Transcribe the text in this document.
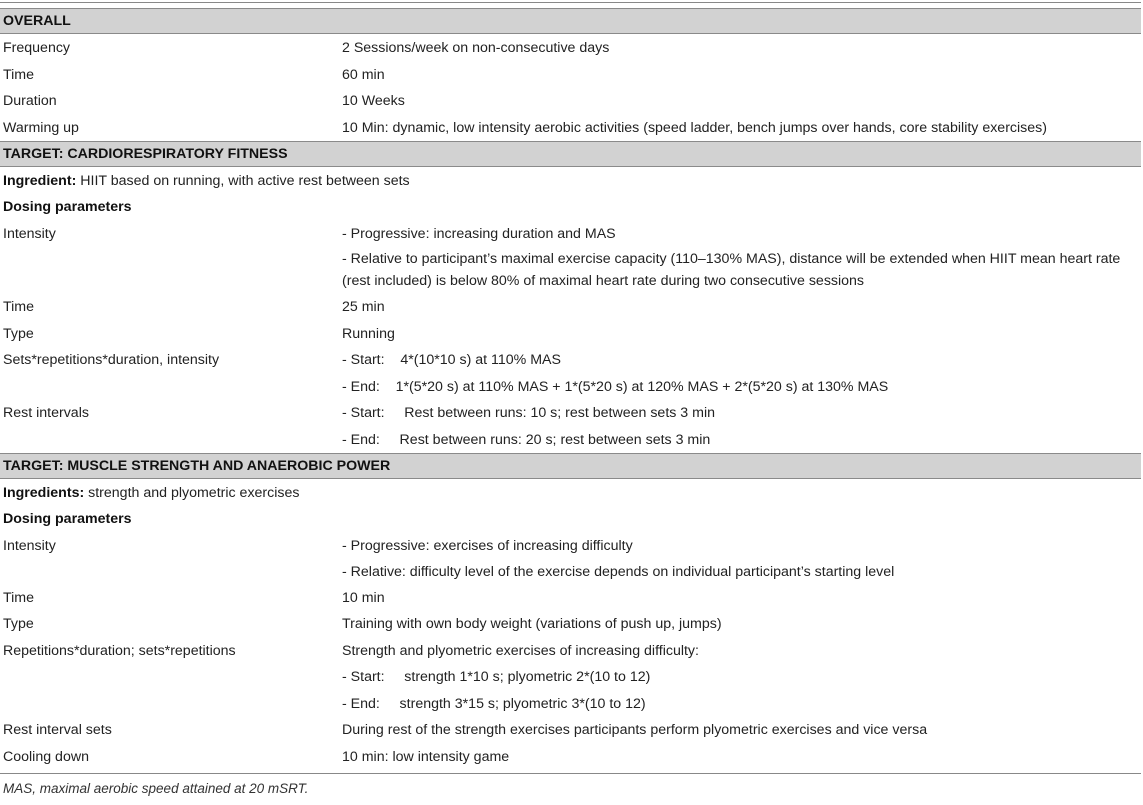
OVERALL
Frequency	2 Sessions/week on non-consecutive days
Time	60 min
Duration	10 Weeks
Warming up	10 Min: dynamic, low intensity aerobic activities (speed ladder, bench jumps over hands, core stability exercises)
TARGET: CARDIORESPIRATORY FITNESS
Ingredient: HIIT based on running, with active rest between sets
Dosing parameters
Intensity	- Progressive: increasing duration and MAS
- Relative to participant’s maximal exercise capacity (110–130% MAS), distance will be extended when HIIT mean heart rate (rest included) is below 80% of maximal heart rate during two consecutive sessions
Time	25 min
Type	Running
Sets*repetitions*duration, intensity	- Start:    4*(10*10 s) at 110% MAS
- End:    1*(5*20 s) at 110% MAS + 1*(5*20 s) at 120% MAS + 2*(5*20 s) at 130% MAS
Rest intervals	- Start:     Rest between runs: 10 s; rest between sets 3 min
- End:     Rest between runs: 20 s; rest between sets 3 min
TARGET: MUSCLE STRENGTH AND ANAEROBIC POWER
Ingredients: strength and plyometric exercises
Dosing parameters
Intensity	- Progressive: exercises of increasing difficulty
- Relative: difficulty level of the exercise depends on individual participant’s starting level
Time	10 min
Type	Training with own body weight (variations of push up, jumps)
Repetitions*duration; sets*repetitions	Strength and plyometric exercises of increasing difficulty:
- Start:     strength 1*10 s; plyometric 2*(10 to 12)
- End:     strength 3*15 s; plyometric 3*(10 to 12)
Rest interval sets	During rest of the strength exercises participants perform plyometric exercises and vice versa
Cooling down	10 min: low intensity game
MAS, maximal aerobic speed attained at 20 mSRT.
